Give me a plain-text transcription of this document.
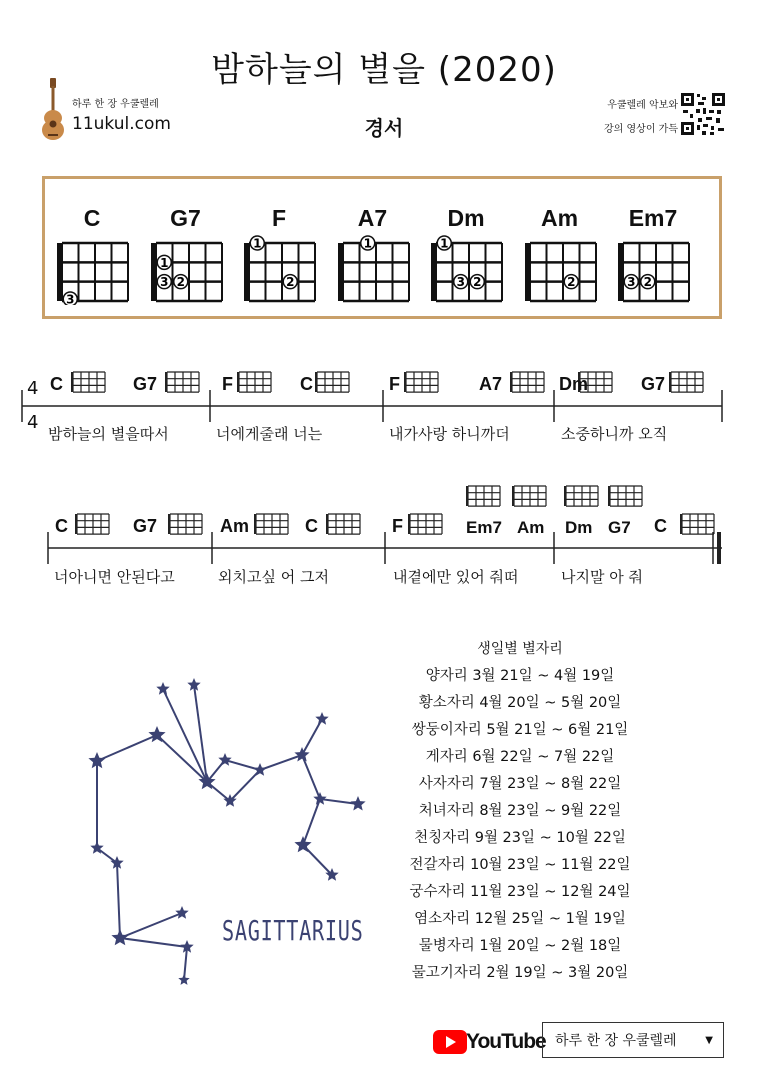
밤하늘의 별을 (2020)
경서
하루 한 장 우쿨렐레
11ukul.com
우쿨렐레 악보와
강의 영상이 가득
C
3
G7
3
1
2
F
1
2
A7
1
Dm
1
3 2
Am
2
Em7
3 2
4
4
C	G7	F	C	F	A7	Dm	G7
밤하늘의 별을따서	너에게줄래 너는	내가사랑 하니까더	소중하니까 오직
C	G7	Am	C	F	Em7 Am Dm G7 C
너아니면 안된다고	외치고싶 어 그저	내곁에만 있어 줘떠	나지말 아 줘
SAGITTARIUS
생일별 별자리
양자리 3월 21일 ~ 4월 19일
황소자리 4월 20일 ~ 5월 20일
쌍둥이자리 5월 21일 ~ 6월 21일
게자리 6월 22일 ~ 7월 22일
사자자리 7월 23일 ~ 8월 22일
처녀자리 8월 23일 ~ 9월 22일
천칭자리 9월 23일 ~ 10월 22일
전갈자리 10월 23일 ~ 11월 22일
궁수자리 11월 23일 ~ 12월 24일
염소자리 12월 25일 ~ 1월 19일
물병자리 1월 20일 ~ 2월 18일
물고기자리 2월 19일 ~ 3월 20일
YouTube 하루 한 장 우쿨렐레	▼
